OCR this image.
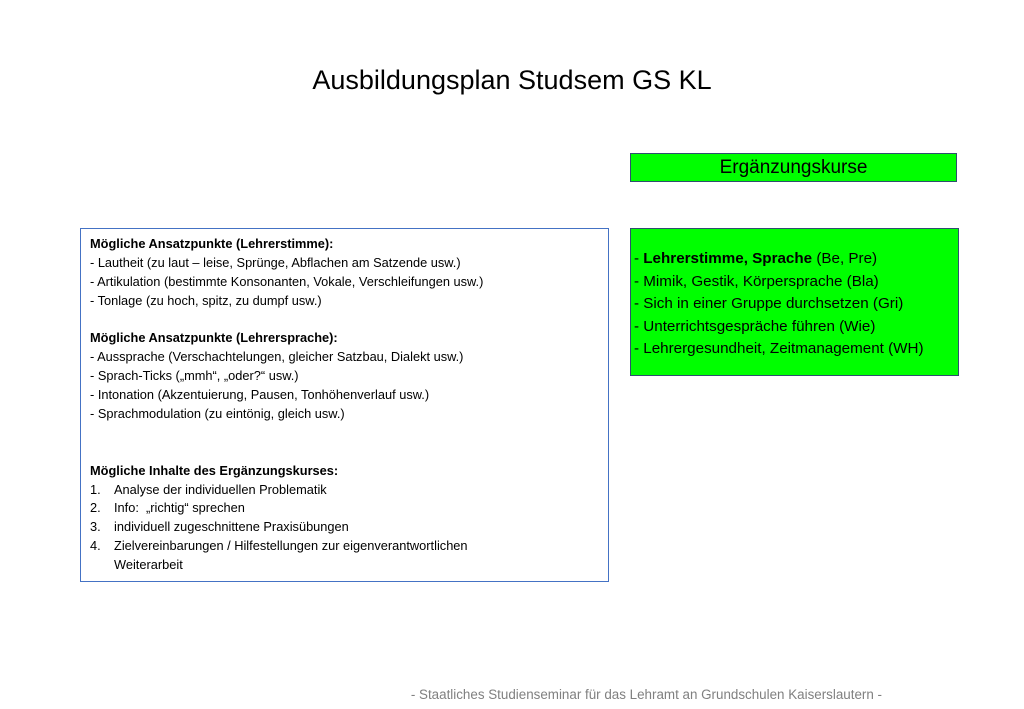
Ausbildungsplan Studsem GS KL
Ergänzungskurse
Mögliche Ansatzpunkte (Lehrerstimme):
- Lautheit (zu laut – leise, Sprünge, Abflachen am Satzende usw.)
- Artikulation (bestimmte Konsonanten, Vokale, Verschleifungen usw.)
- Tonlage (zu hoch, spitz, zu dumpf usw.)
Mögliche Ansatzpunkte (Lehrersprache):
- Aussprache (Verschachtelungen, gleicher Satzbau, Dialekt usw.)
- Sprach-Ticks („mmh“, „oder?“ usw.)
- Intonation (Akzentuierung, Pausen, Tonhöhenverlauf usw.)
- Sprachmodulation (zu eintönig, gleich usw.)
Mögliche Inhalte des Ergänzungskurses:
1.	Analyse der individuellen Problematik
2.	Info:  „richtig“ sprechen
3.	individuell zugeschnittene Praxisübungen
4.	Zielvereinbarungen / Hilfestellungen zur eigenverantwortlichen
Weiterarbeit
- Lehrerstimme, Sprache (Be, Pre)
- Mimik, Gestik, Körpersprache (Bla)
- Sich in einer Gruppe durchsetzen (Gri)
- Unterrichtsgespräche führen (Wie)
- Lehrergesundheit, Zeitmanagement (WH)
- Staatliches Studienseminar für das Lehramt an Grundschulen Kaiserslautern -
